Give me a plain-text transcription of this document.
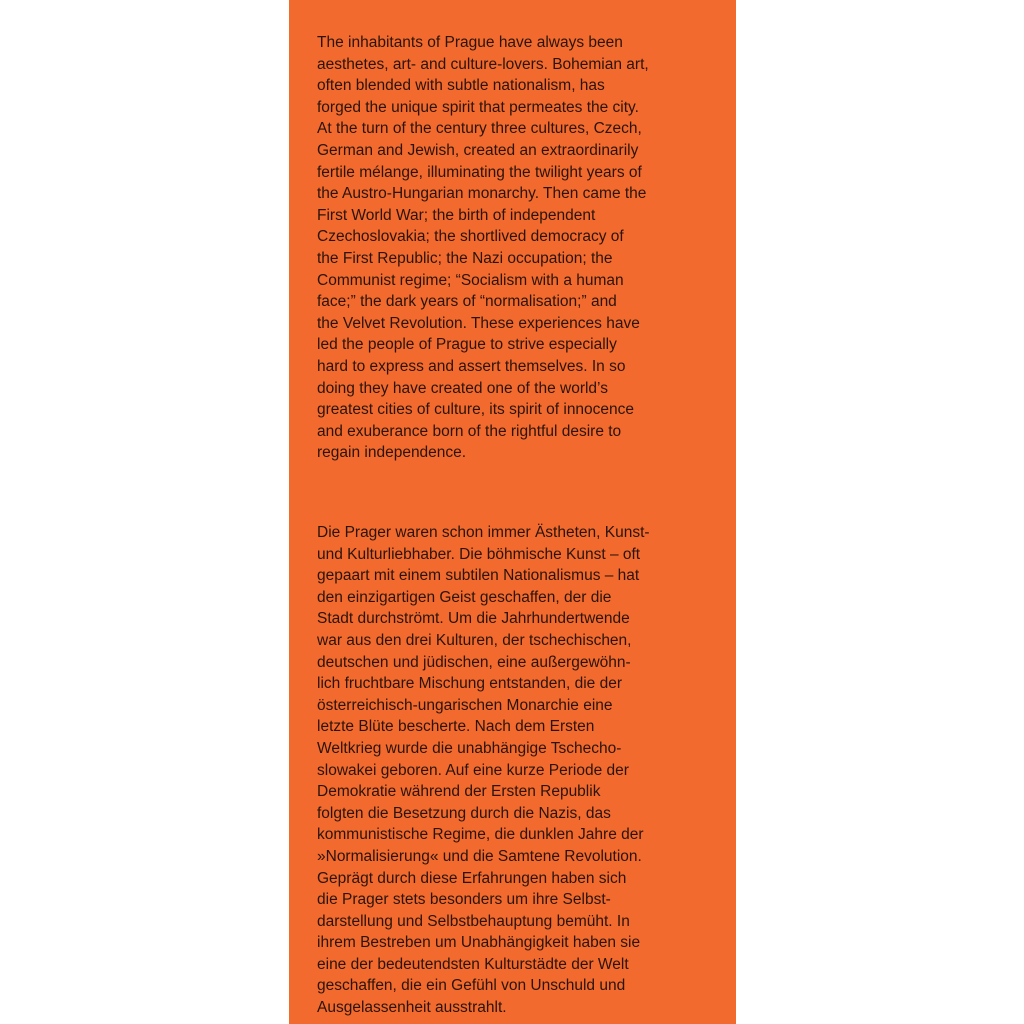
The inhabitants of Prague have always been
aesthetes, art- and culture-lovers. Bohemian art,
often blended with subtle nationalism, has
forged the unique spirit that permeates the city.
At the turn of the century three cultures, Czech,
German and Jewish, created an extraordinarily
fertile mélange, illuminating the twilight years of
the Austro-Hungarian monarchy. Then came the
First World War; the birth of independent
Czechoslovakia; the shortlived democracy of
the First Republic; the Nazi occupation; the
Communist regime; “Socialism with a human
face;” the dark years of “normalisation;” and
the Velvet Revolution. These experiences have
led the people of Prague to strive especially
hard to express and assert themselves. In so
doing they have created one of the world’s
greatest cities of culture, its spirit of innocence
and exuberance born of the rightful desire to
regain independence.

Die Prager waren schon immer Ästheten, Kunst-
und Kulturliebhaber. Die böhmische Kunst – oft
gepaart mit einem subtilen Nationalismus – hat
den einzigartigen Geist geschaffen, der die
Stadt durchströmt. Um die Jahrhundertwende
war aus den drei Kulturen, der tschechischen,
deutschen und jüdischen, eine außergewöhn-
lich fruchtbare Mischung entstanden, die der
österreichisch-ungarischen Monarchie eine
letzte Blüte bescherte. Nach dem Ersten
Weltkrieg wurde die unabhängige Tschecho-
slowakei geboren. Auf eine kurze Periode der
Demokratie während der Ersten Republik
folgten die Besetzung durch die Nazis, das
kommunistische Regime, die dunklen Jahre der
»Normalisierung« und die Samtene Revolution.
Geprägt durch diese Erfahrungen haben sich
die Prager stets besonders um ihre Selbst-
darstellung und Selbstbehauptung bemüht. In
ihrem Bestreben um Unabhängigkeit haben sie
eine der bedeutendsten Kulturstädte der Welt
geschaffen, die ein Gefühl von Unschuld und
Ausgelassenheit ausstrahlt.
